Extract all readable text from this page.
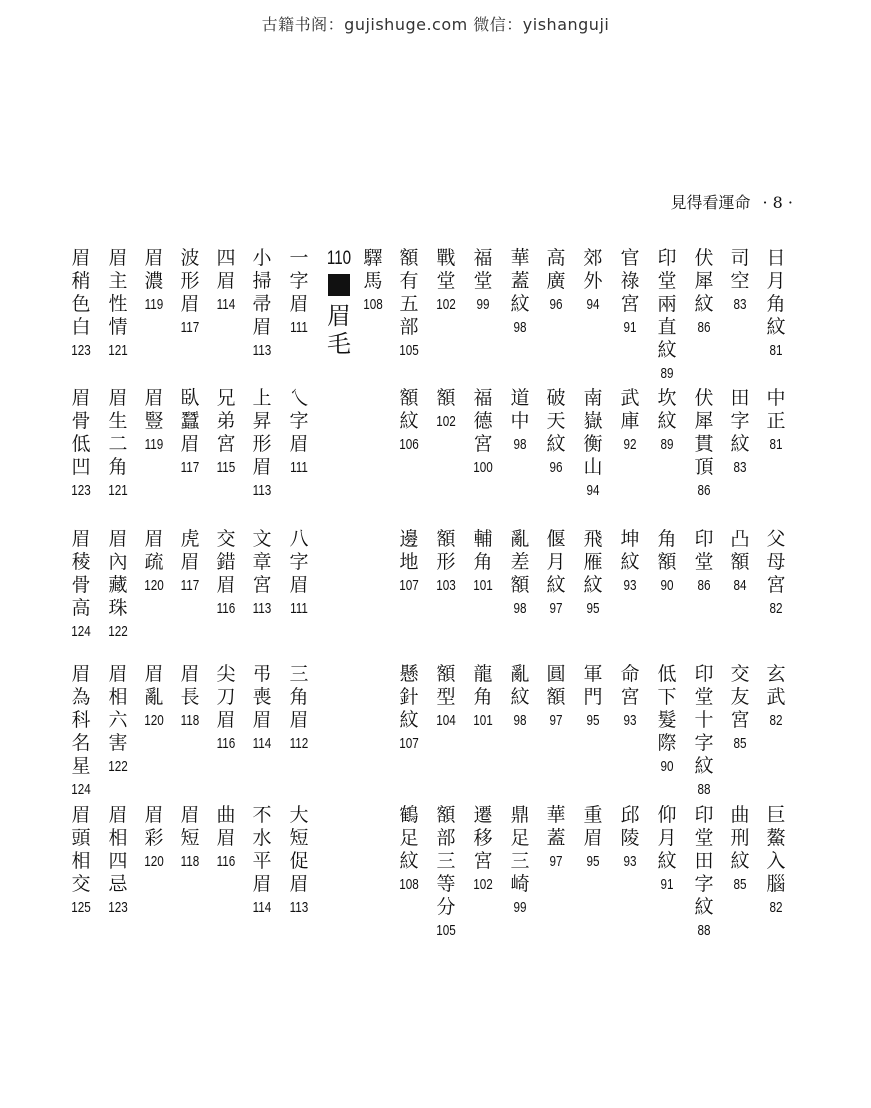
古籍书阁：gujishuge.com 微信：yishanguji
見得看運命 · 8 ·
110
眉
毛
日
月
角
紋
81
中
正
81
父
母
宮
82
玄
武
82
巨
鰲
入
腦
82
司
空
83
田
字
紋
83
凸
額
84
交
友
宮
85
曲
刑
紋
85
伏
犀
紋
86
伏
犀
貫
頂
86
印
堂
86
印
堂
十
字
紋
88
印
堂
田
字
紋
88
印
堂
兩
直
紋
89
坎
紋
89
角
額
90
低
下
髮
際
90
仰
月
紋
91
官
祿
宮
91
武
庫
92
坤
紋
93
命
宮
93
邱
陵
93
郊
外
94
南
嶽
衡
山
94
飛
雁
紋
95
軍
門
95
重
眉
95
高
廣
96
破
天
紋
96
偃
月
紋
97
圓
額
97
華
蓋
97
華
蓋
紋
98
道
中
98
亂
差
額
98
亂
紋
98
鼎
足
三
崎
99
福
堂
99
福
德
宮
100
輔
角
101
龍
角
101
遷
移
宮
102
戰
堂
102
額
102
額
形
103
額
型
104
額
部
三
等
分
105
額
有
五
部
105
額
紋
106
邊
地
107
懸
針
紋
107
鶴
足
紋
108
驛
馬
108
一
字
眉
111
乀
字
眉
111
八
字
眉
111
三
角
眉
112
大
短
促
眉
113
小
掃
帚
眉
113
上
昇
形
眉
113
文
章
宮
113
弔
喪
眉
114
不
水
平
眉
114
四
眉
114
兄
弟
宮
115
交
錯
眉
116
尖
刀
眉
116
曲
眉
116
波
形
眉
117
臥
蠶
眉
117
虎
眉
117
眉
長
118
眉
短
118
眉
濃
119
眉
豎
119
眉
疏
120
眉
亂
120
眉
彩
120
眉
主
性
情
121
眉
生
二
角
121
眉
內
藏
珠
122
眉
相
六
害
122
眉
相
四
忌
123
眉
稍
色
白
123
眉
骨
低
凹
123
眉
稜
骨
高
124
眉
為
科
名
星
124
眉
頭
相
交
125
